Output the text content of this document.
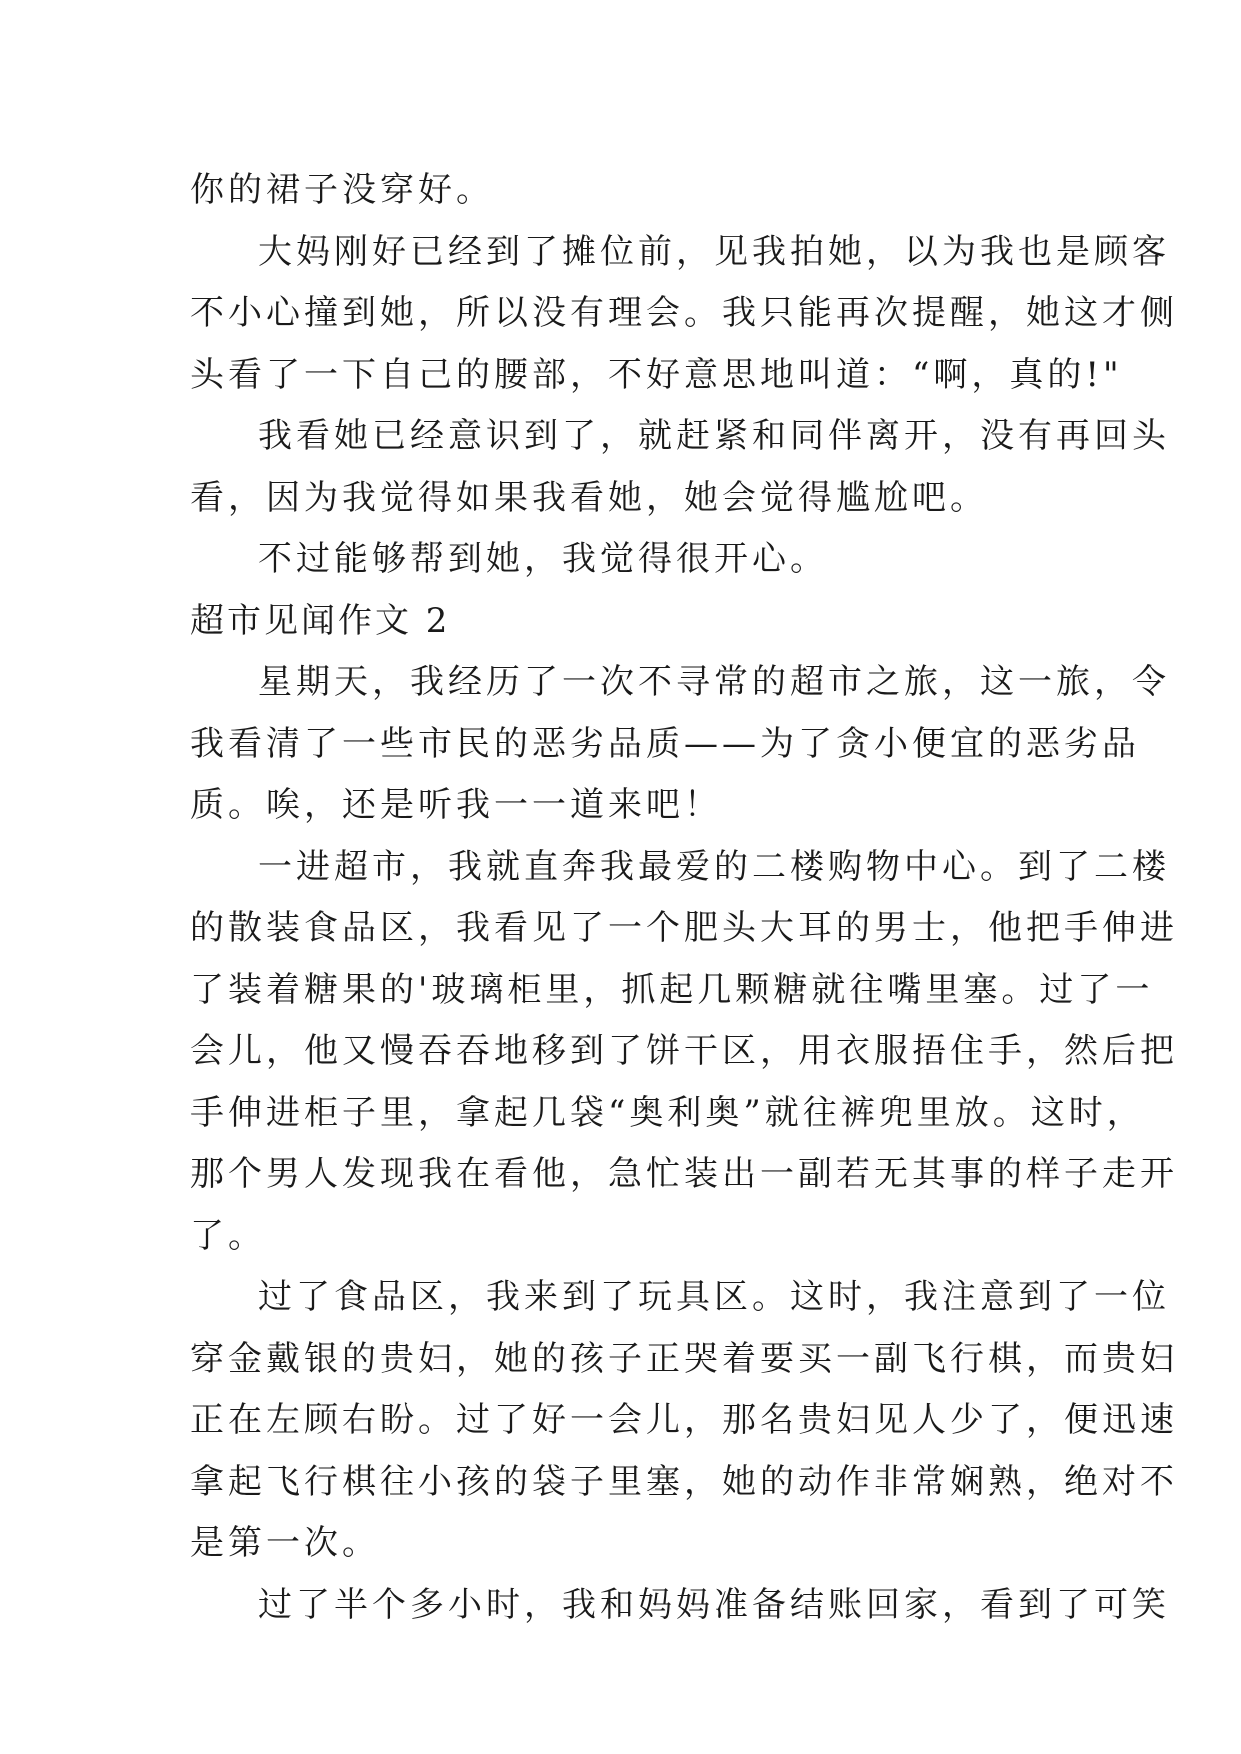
你的裙子没穿好。
大妈刚好已经到了摊位前，见我拍她，以为我也是顾客
不小心撞到她，所以没有理会。我只能再次提醒，她这才侧
头看了一下自己的腰部，不好意思地叫道：“啊，真的!"
我看她已经意识到了，就赶紧和同伴离开，没有再回头
看，因为我觉得如果我看她，她会觉得尴尬吧。
不过能够帮到她，我觉得很开心。
超市见闻作文 2
星期天，我经历了一次不寻常的超市之旅，这一旅，令
我看清了一些市民的恶劣品质——为了贪小便宜的恶劣品
质。唉，还是听我一一道来吧！
一进超市，我就直奔我最爱的二楼购物中心。到了二楼
的散装食品区，我看见了一个肥头大耳的男士，他把手伸进
了装着糖果的'玻璃柜里，抓起几颗糖就往嘴里塞。过了一
会儿，他又慢吞吞地移到了饼干区，用衣服捂住手，然后把
手伸进柜子里，拿起几袋“奥利奥”就往裤兜里放。这时，
那个男人发现我在看他，急忙装出一副若无其事的样子走开
了。
过了食品区，我来到了玩具区。这时，我注意到了一位
穿金戴银的贵妇，她的孩子正哭着要买一副飞行棋，而贵妇
正在左顾右盼。过了好一会儿，那名贵妇见人少了，便迅速
拿起飞行棋往小孩的袋子里塞，她的动作非常娴熟，绝对不
是第一次。
过了半个多小时，我和妈妈准备结账回家，看到了可笑
